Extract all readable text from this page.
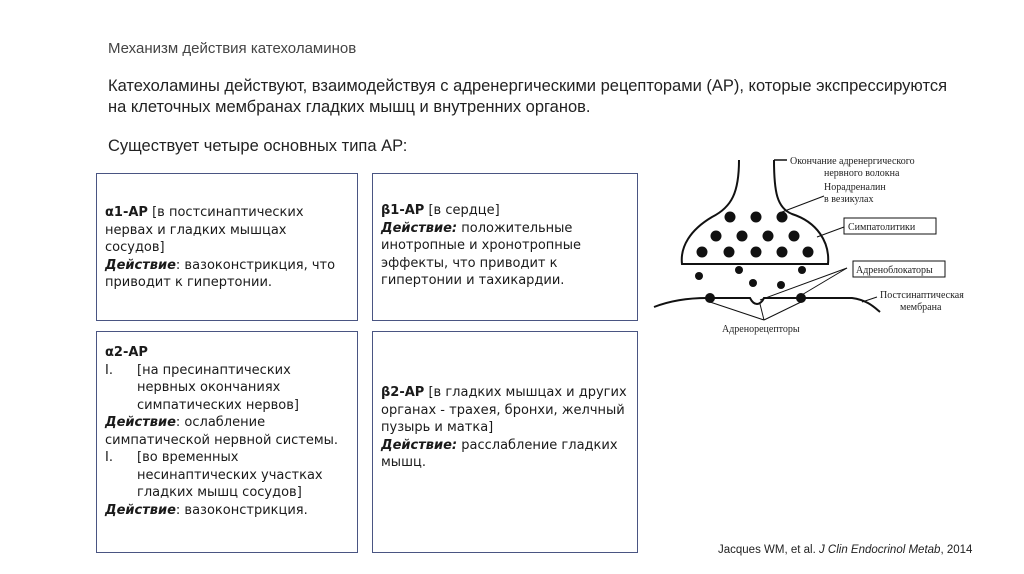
Механизм действия катехоламинов
Катехоламины действуют, взаимодействуя с адренергическими рецепторами (АР), которые экспрессируются на клеточных мембранах гладких мышц и внутренних органов.
Существует четыре основных типа АР:
α1-АР [в постсинаптических нервах и гладких мышцах сосудов]
Действие: вазоконстрикция, что приводит к гипертонии.
β1-АР [в сердце]
Действие: положительные инотропные и хронотропные эффекты, что приводит к гипертонии и тахикардии.
α2-АР
I.	[на пресинаптических нервных окончаниях симпатических нервов]
Действие: ослабление симпатической нервной системы.
I.	[во временных несинаптических участках гладких мышц сосудов]
Действие: вазоконстрикция.
β2-АР [в гладких мышцах и других органах - трахея, бронхи, желчный пузырь и матка]
Действие: расслабление гладких мышц.
Окончание адренергического
нервного волокна
Норадреналин
в везикулах
Симпатолитики
Адреноблокаторы
Постсинаптическая
мембрана
Адренорецепторы
Jacques WM, et al. J Clin Endocrinol Metab, 2014
